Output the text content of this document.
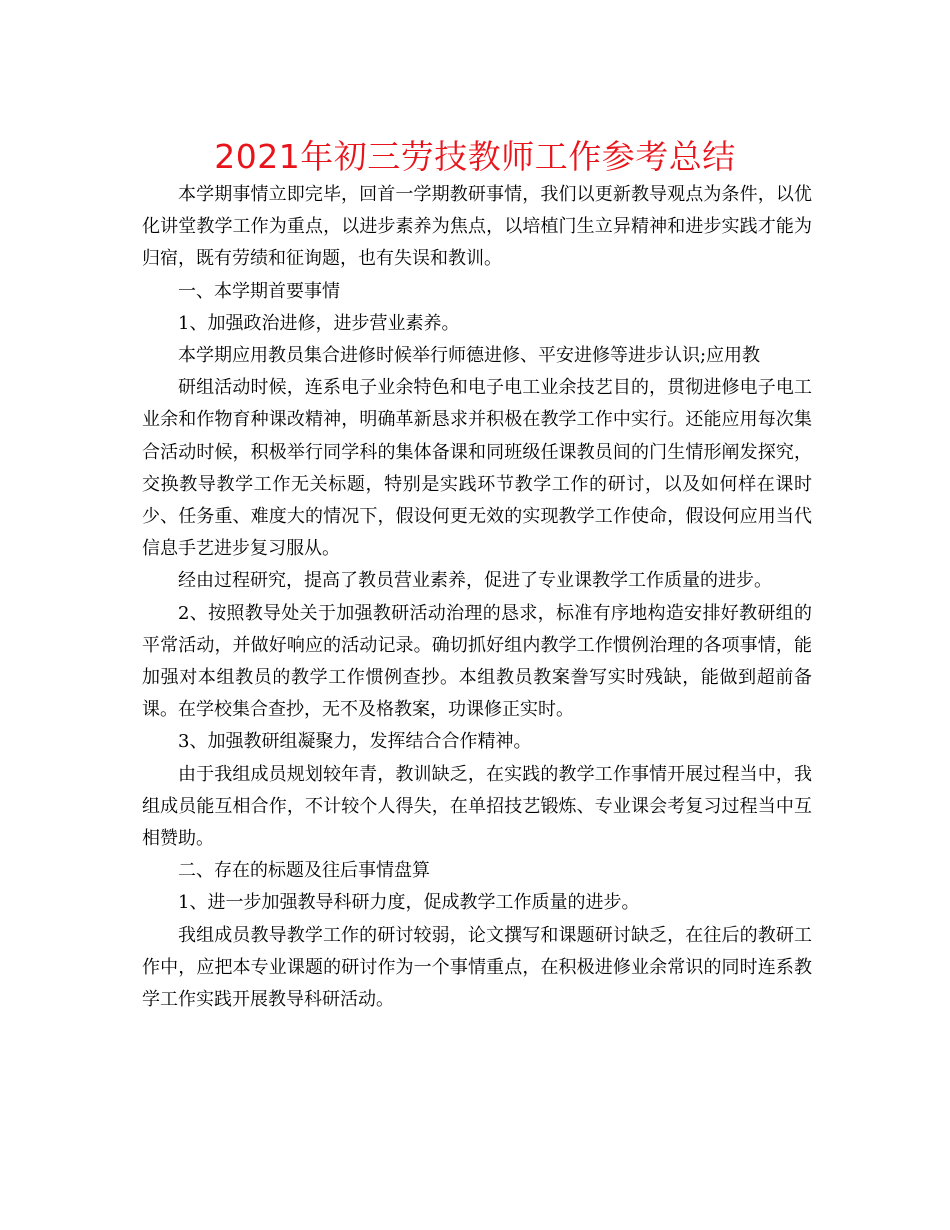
2021年初三劳技教师工作参考总结

本学期事情立即完毕，回首一学期教研事情，我们以更新教导观点为条件，以优化讲堂教学工作为重点，以进步素养为焦点，以培植门生立异精神和进步实践才能为归宿，既有劳绩和征询题，也有失误和教训。

一、本学期首要事情

1、加强政治进修，进步营业素养。

本学期应用教员集合进修时候举行师德进修、平安进修等进步认识;应用教

研组活动时候，连系电子业余特色和电子电工业余技艺目的，贯彻进修电子电工业余和作物育种课改精神，明确革新恳求并积极在教学工作中实行。还能应用每次集合活动时候，积极举行同学科的集体备课和同班级任课教员间的门生情形阐发探究，交换教导教学工作无关标题，特别是实践环节教学工作的研讨，以及如何样在课时少、任务重、难度大的情况下，假设何更无效的实现教学工作使命，假设何应用当代信息手艺进步复习服从。

经由过程研究，提高了教员营业素养，促进了专业课教学工作质量的进步。

2、按照教导处关于加强教研活动治理的恳求，标准有序地构造安排好教研组的平常活动，并做好响应的活动记录。确切抓好组内教学工作惯例治理的各项事情，能加强对本组教员的教学工作惯例查抄。本组教员教案誊写实时残缺，能做到超前备课。在学校集合查抄，无不及格教案，功课修正实时。

3、加强教研组凝聚力，发挥结合合作精神。

由于我组成员规划较年青，教训缺乏，在实践的教学工作事情开展过程当中，我组成员能互相合作，不计较个人得失，在单招技艺锻炼、专业课会考复习过程当中互相赞助。

二、存在的标题及往后事情盘算

1、进一步加强教导科研力度，促成教学工作质量的进步。

我组成员教导教学工作的研讨较弱，论文撰写和课题研讨缺乏，在往后的教研工作中，应把本专业课题的研讨作为一个事情重点，在积极进修业余常识的同时连系教学工作实践开展教导科研活动。
